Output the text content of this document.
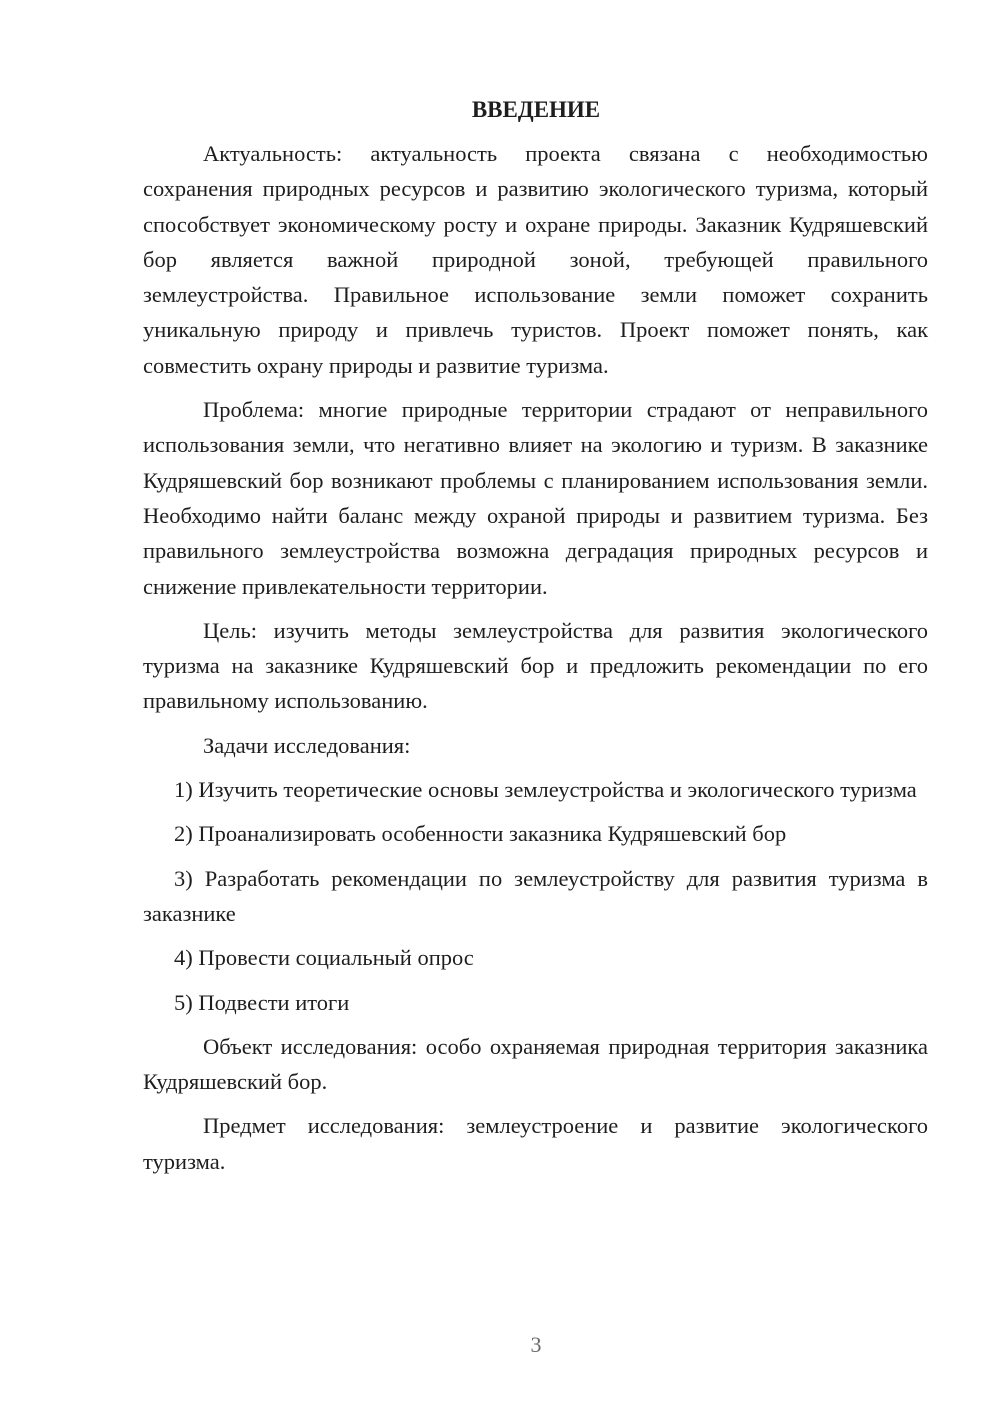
ВВЕДЕНИЕ

Актуальность: актуальность проекта связана с необходимостью сохранения природных ресурсов и развитию экологического туризма, который способствует экономическому росту и охране природы. Заказник Кудряшевский бор является важной природной зоной, требующей правильного землеустройства. Правильное использование земли поможет сохранить уникальную природу и привлечь туристов. Проект поможет понять, как совместить охрану природы и развитие туризма.

Проблема: многие природные территории страдают от неправильного использования земли, что негативно влияет на экологию и туризм. В заказнике Кудряшевский бор возникают проблемы с планированием использования земли. Необходимо найти баланс между охраной природы и развитием туризма. Без правильного землеустройства возможна деградация природных ресурсов и снижение привлекательности территории.

Цель: изучить методы землеустройства для развития экологического туризма на заказнике Кудряшевский бор и предложить рекомендации по его правильному использованию.

Задачи исследования:

1) Изучить теоретические основы землеустройства и экологического туризма

2) Проанализировать особенности заказника Кудряшевский бор

3) Разработать рекомендации по землеустройству для развития туризма в заказнике

4) Провести социальный опрос

5) Подвести итоги

Объект исследования: особо охраняемая природная территория заказника Кудряшевский бор.

Предмет исследования: землеустроение и развитие экологического туризма.

3
